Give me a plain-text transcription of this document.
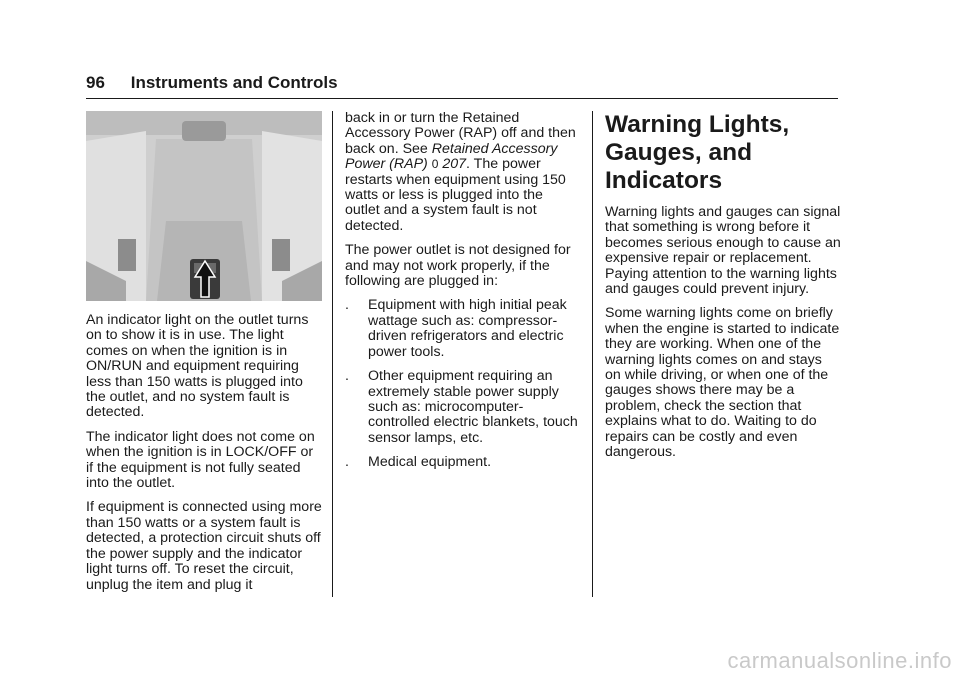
96 Instruments and Controls

An indicator light on the outlet turns on to show it is in use. The light comes on when the ignition is in ON/RUN and equipment requiring less than 150 watts is plugged into the outlet, and no system fault is detected.

The indicator light does not come on when the ignition is in LOCK/OFF or if the equipment is not fully seated into the outlet.

If equipment is connected using more than 150 watts or a system fault is detected, a protection circuit shuts off the power supply and the indicator light turns off. To reset the circuit, unplug the item and plug it

back in or turn the Retained Accessory Power (RAP) off and then back on. See Retained Accessory Power (RAP) 0 207. The power restarts when equipment using 150 watts or less is plugged into the outlet and a system fault is not detected.

The power outlet is not designed for and may not work properly, if the following are plugged in:

. Equipment with high initial peak wattage such as: compressor-driven refrigerators and electric power tools.
. Other equipment requiring an extremely stable power supply such as: microcomputer-controlled electric blankets, touch sensor lamps, etc.
. Medical equipment.
Warning Lights, Gauges, and Indicators

Warning lights and gauges can signal that something is wrong before it becomes serious enough to cause an expensive repair or replacement. Paying attention to the warning lights and gauges could prevent injury.

Some warning lights come on briefly when the engine is started to indicate they are working. When one of the warning lights comes on and stays on while driving, or when one of the gauges shows there may be a problem, check the section that explains what to do. Waiting to do repairs can be costly and even dangerous.

carmanualsonline.info
